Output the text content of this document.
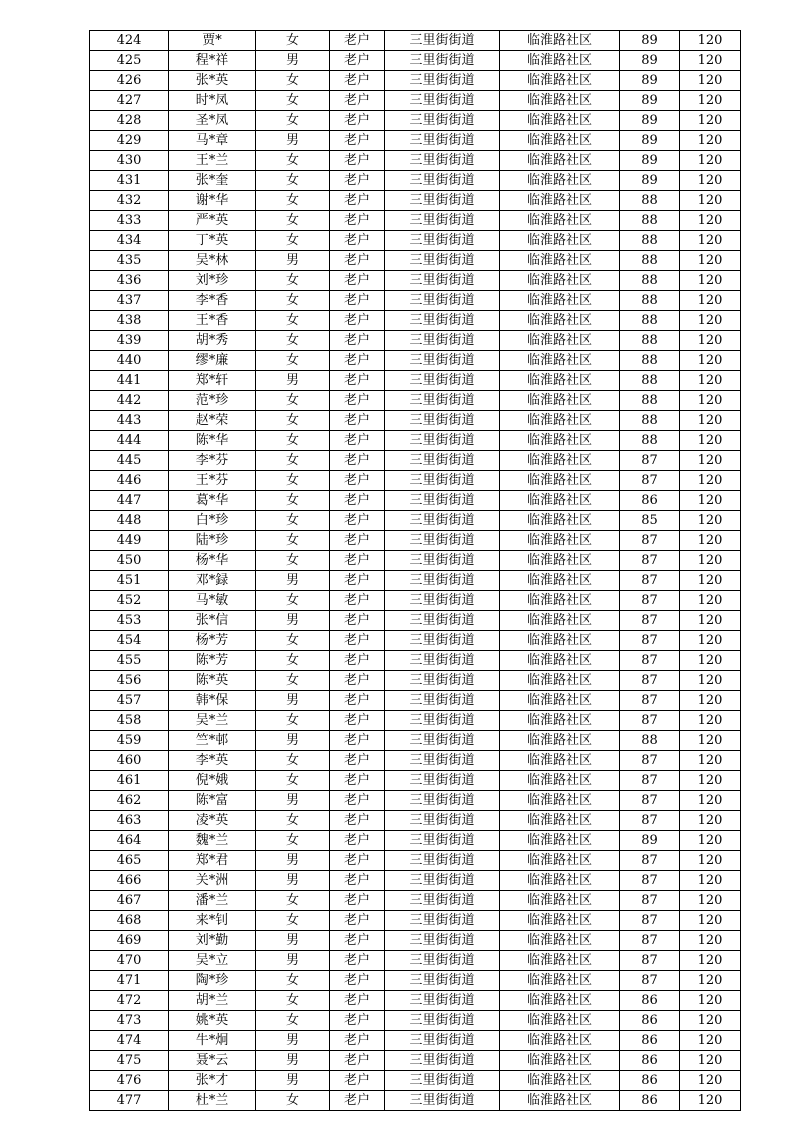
424	贾*	女	老户	三里街街道	临淮路社区	89	120
425	程*祥	男	老户	三里街街道	临淮路社区	89	120
426	张*英	女	老户	三里街街道	临淮路社区	89	120
427	时*凤	女	老户	三里街街道	临淮路社区	89	120
428	圣*凤	女	老户	三里街街道	临淮路社区	89	120
429	马*章	男	老户	三里街街道	临淮路社区	89	120
430	王*兰	女	老户	三里街街道	临淮路社区	89	120
431	张*奎	女	老户	三里街街道	临淮路社区	89	120
432	谢*华	女	老户	三里街街道	临淮路社区	88	120
433	严*英	女	老户	三里街街道	临淮路社区	88	120
434	丁*英	女	老户	三里街街道	临淮路社区	88	120
435	吴*林	男	老户	三里街街道	临淮路社区	88	120
436	刘*珍	女	老户	三里街街道	临淮路社区	88	120
437	李*香	女	老户	三里街街道	临淮路社区	88	120
438	王*香	女	老户	三里街街道	临淮路社区	88	120
439	胡*秀	女	老户	三里街街道	临淮路社区	88	120
440	缪*廉	女	老户	三里街街道	临淮路社区	88	120
441	郑*轩	男	老户	三里街街道	临淮路社区	88	120
442	范*珍	女	老户	三里街街道	临淮路社区	88	120
443	赵*荣	女	老户	三里街街道	临淮路社区	88	120
444	陈*华	女	老户	三里街街道	临淮路社区	88	120
445	李*芬	女	老户	三里街街道	临淮路社区	87	120
446	王*芬	女	老户	三里街街道	临淮路社区	87	120
447	葛*华	女	老户	三里街街道	临淮路社区	86	120
448	白*珍	女	老户	三里街街道	临淮路社区	85	120
449	陆*珍	女	老户	三里街街道	临淮路社区	87	120
450	杨*华	女	老户	三里街街道	临淮路社区	87	120
451	邓*録	男	老户	三里街街道	临淮路社区	87	120
452	马*敏	女	老户	三里街街道	临淮路社区	87	120
453	张*信	男	老户	三里街街道	临淮路社区	87	120
454	杨*芳	女	老户	三里街街道	临淮路社区	87	120
455	陈*芳	女	老户	三里街街道	临淮路社区	87	120
456	陈*英	女	老户	三里街街道	临淮路社区	87	120
457	韩*保	男	老户	三里街街道	临淮路社区	87	120
458	吴*兰	女	老户	三里街街道	临淮路社区	87	120
459	竺*邨	男	老户	三里街街道	临淮路社区	88	120
460	李*英	女	老户	三里街街道	临淮路社区	87	120
461	倪*娥	女	老户	三里街街道	临淮路社区	87	120
462	陈*富	男	老户	三里街街道	临淮路社区	87	120
463	凌*英	女	老户	三里街街道	临淮路社区	87	120
464	魏*兰	女	老户	三里街街道	临淮路社区	89	120
465	郑*君	男	老户	三里街街道	临淮路社区	87	120
466	关*洲	男	老户	三里街街道	临淮路社区	87	120
467	潘*兰	女	老户	三里街街道	临淮路社区	87	120
468	来*钊	女	老户	三里街街道	临淮路社区	87	120
469	刘*勤	男	老户	三里街街道	临淮路社区	87	120
470	吴*立	男	老户	三里街街道	临淮路社区	87	120
471	陶*珍	女	老户	三里街街道	临淮路社区	87	120
472	胡*兰	女	老户	三里街街道	临淮路社区	86	120
473	姚*英	女	老户	三里街街道	临淮路社区	86	120
474	牛*炯	男	老户	三里街街道	临淮路社区	86	120
475	聂*云	男	老户	三里街街道	临淮路社区	86	120
476	张*才	男	老户	三里街街道	临淮路社区	86	120
477	杜*兰	女	老户	三里街街道	临淮路社区	86	120
